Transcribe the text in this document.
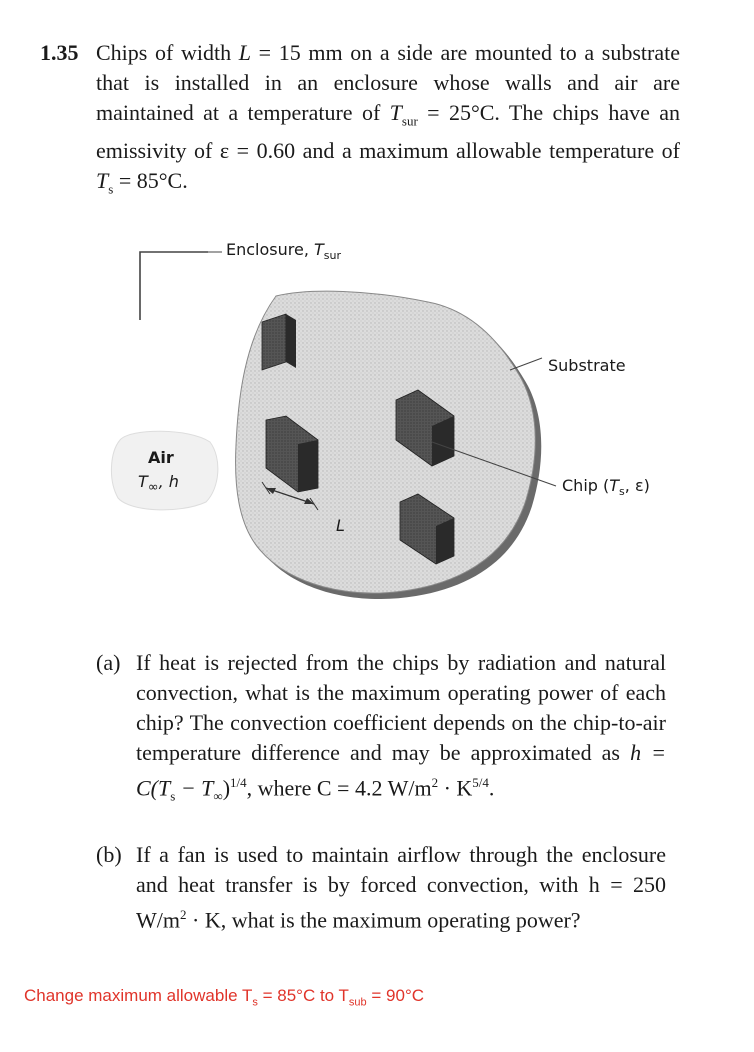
1.35 Chips of width L = 15 mm on a side are mounted to a substrate that is installed in an enclosure whose walls and air are maintained at a temperature of $T_{sur} = 25^\circ C$. The chips have an emissivity of ε = 0.60 and a maximum allowable temperature of $T_s = 85^\circ C$.
Enclosure, $T_{sur}$
Substrate
Air
$T_\infty$, h	Chip ($T_s$, ε)
L
(a) If heat is rejected from the chips by radiation and natural convection, what is the maximum operating power of each chip? The convection coefficient depends on the chip-to-air temperature difference and may be approximated as $h = C(T_s - T_\infty)^{1/4}$, where C = 4.2 $W/m^2 \cdot K^{5/4}$.
(b) If a fan is used to maintain airflow through the enclosure and heat transfer is by forced convection, with h = 250 $W/m^2 \cdot K$, what is the maximum operating power?
Change maximum allowable $T_s = 85^\circ C$ to $T_{sub} = 90^\circ C$
